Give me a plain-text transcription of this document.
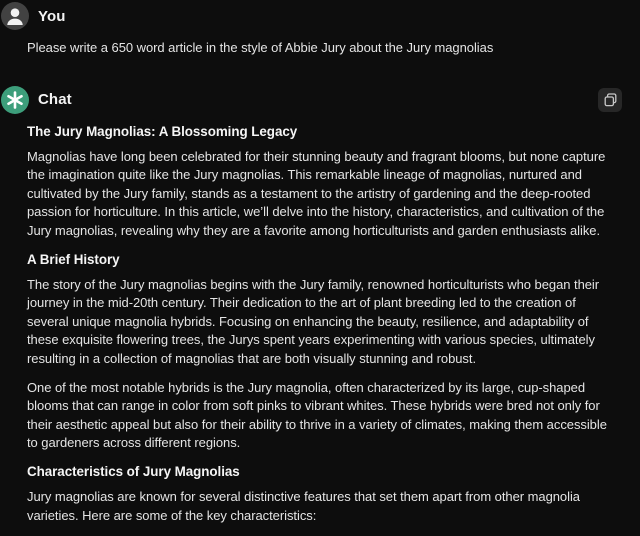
You

Please write a 650 word article in the style of Abbie Jury about the Jury magnolias

Chat
The Jury Magnolias: A Blossoming Legacy

Magnolias have long been celebrated for their stunning beauty and fragrant blooms, but none capture the imagination quite like the Jury magnolias. This remarkable lineage of magnolias, nurtured and cultivated by the Jury family, stands as a testament to the artistry of gardening and the deep-rooted passion for horticulture. In this article, we’ll delve into the history, characteristics, and cultivation of the Jury magnolias, revealing why they are a favorite among horticulturists and garden enthusiasts alike.

A Brief History

The story of the Jury magnolias begins with the Jury family, renowned horticulturists who began their journey in the mid-20th century. Their dedication to the art of plant breeding led to the creation of several unique magnolia hybrids. Focusing on enhancing the beauty, resilience, and adaptability of these exquisite flowering trees, the Jurys spent years experimenting with various species, ultimately resulting in a collection of magnolias that are both visually stunning and robust.

One of the most notable hybrids is the Jury magnolia, often characterized by its large, cup-shaped blooms that can range in color from soft pinks to vibrant whites. These hybrids were bred not only for their aesthetic appeal but also for their ability to thrive in a variety of climates, making them accessible to gardeners across different regions.

Characteristics of Jury Magnolias

Jury magnolias are known for several distinctive features that set them apart from other magnolia varieties. Here are some of the key characteristics:
